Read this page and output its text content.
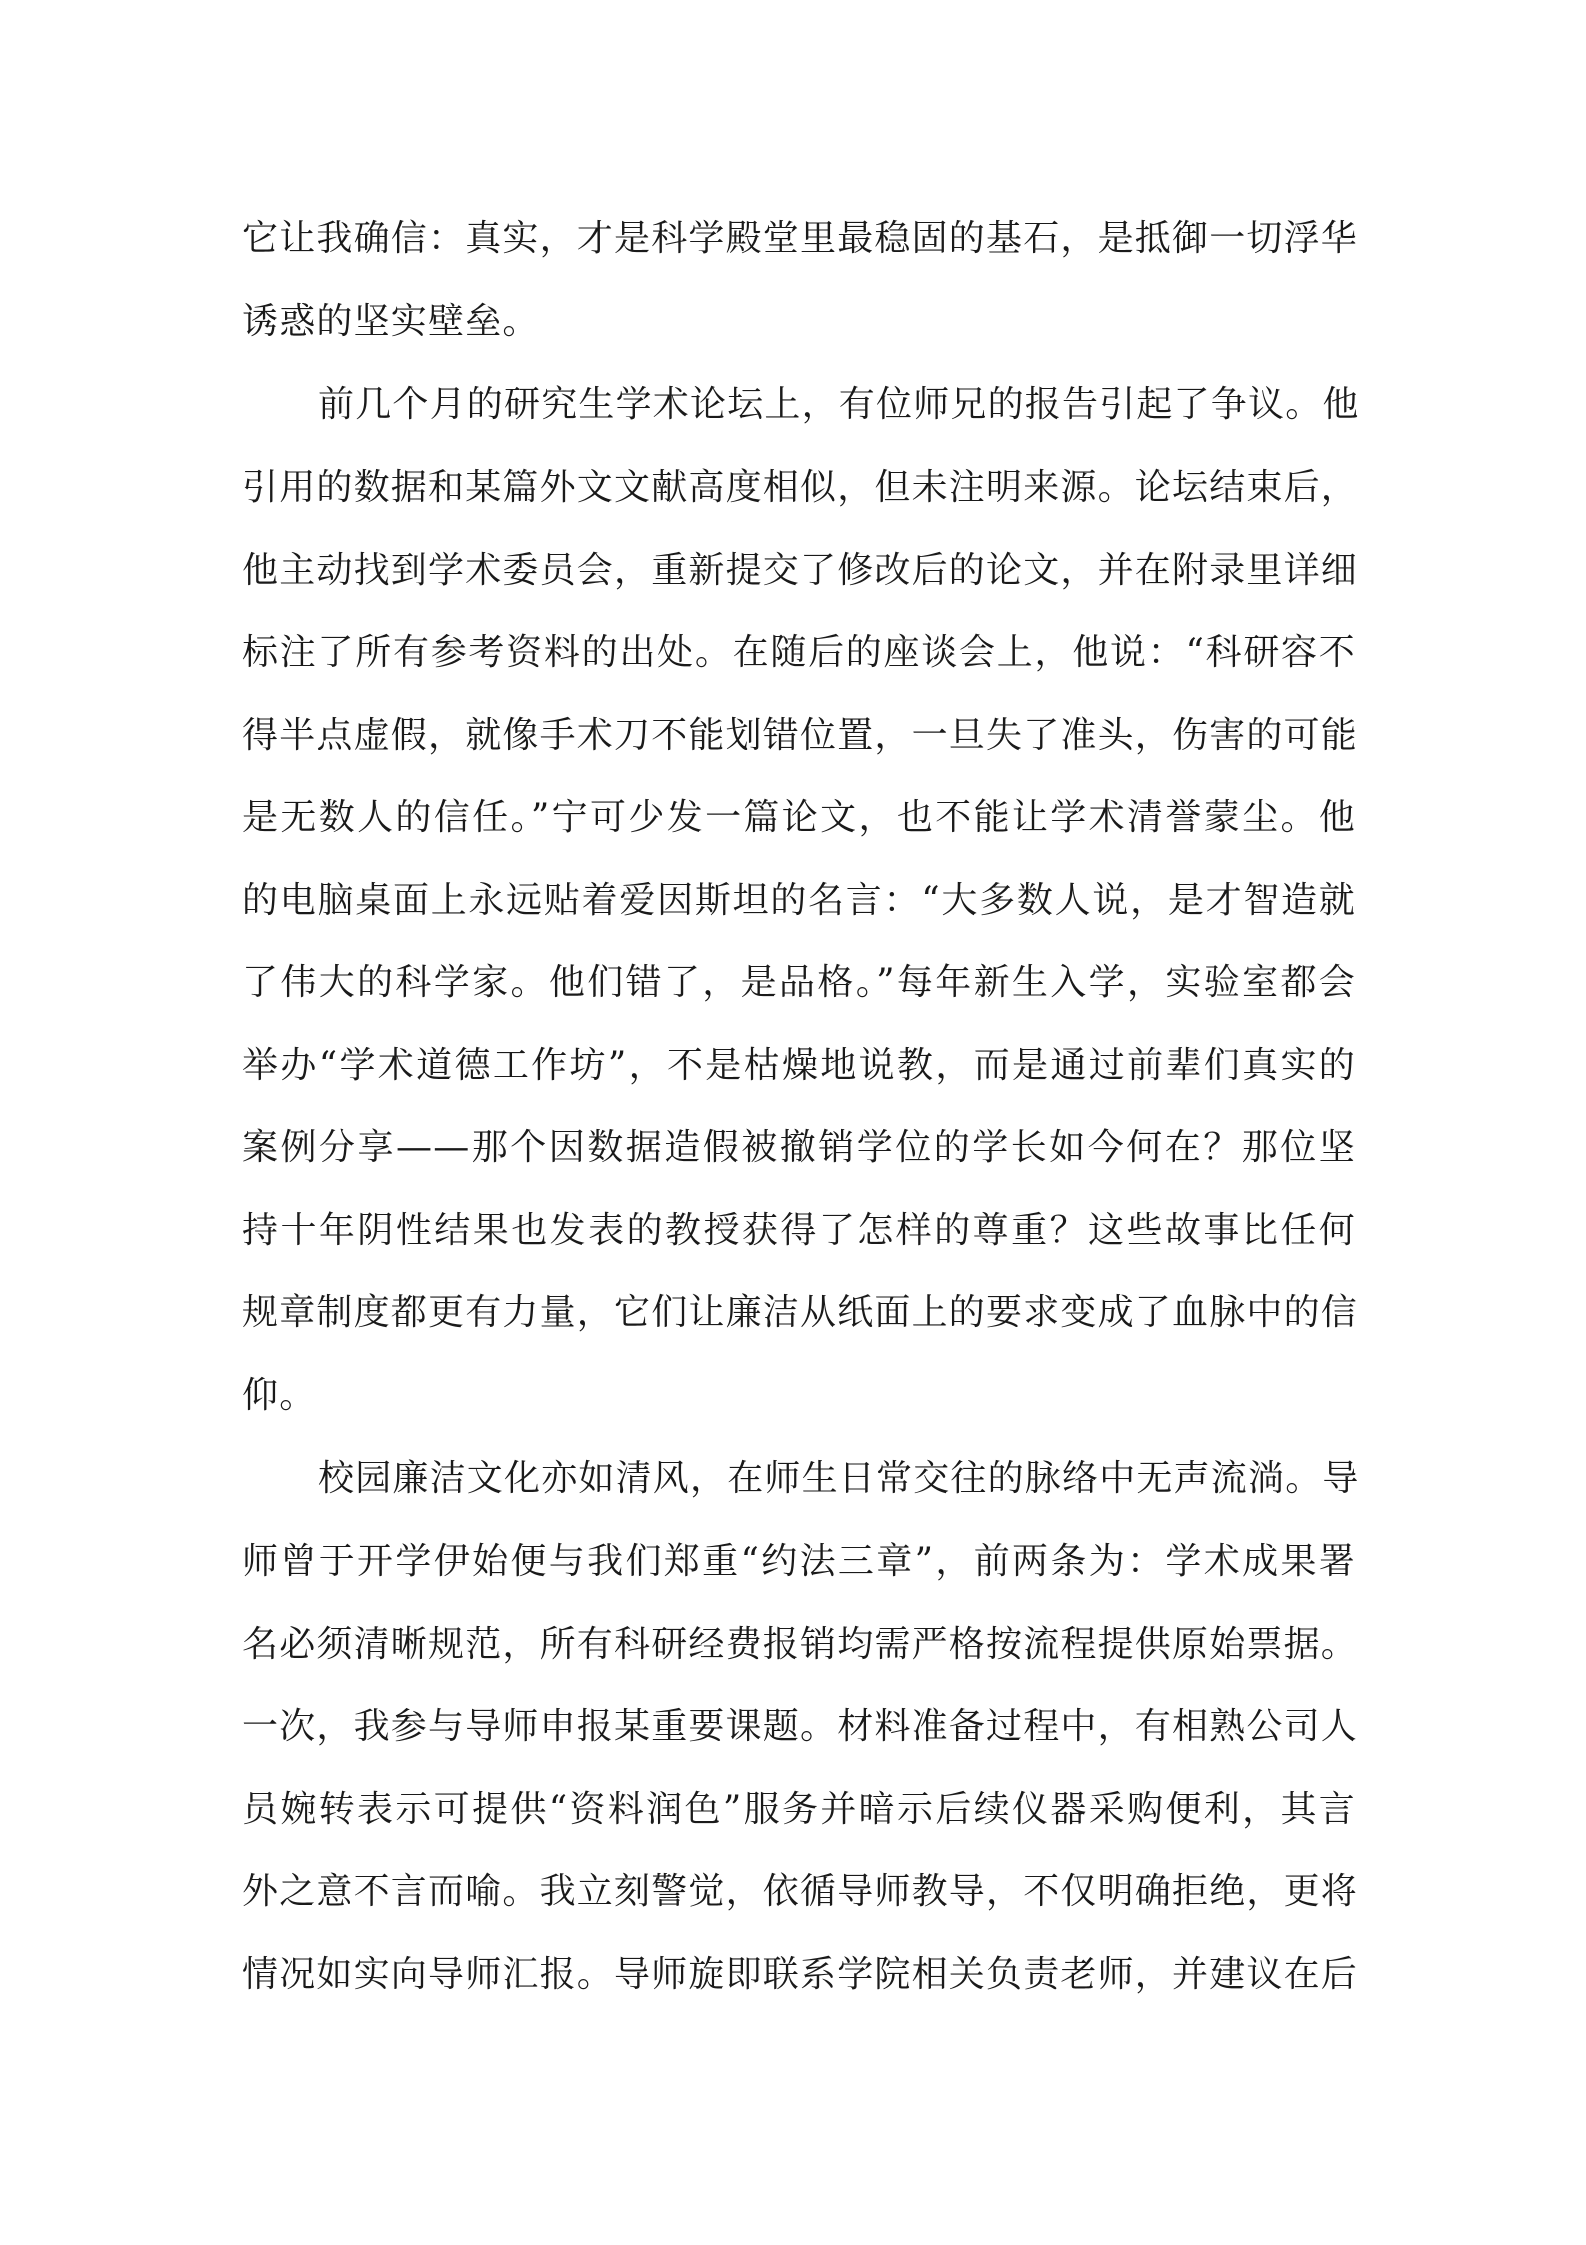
它让我确信：真实，才是科学殿堂里最稳固的基石，是抵御一切浮华
诱惑的坚实壁垒。
前几个月的研究生学术论坛上，有位师兄的报告引起了争议。他
引用的数据和某篇外文文献高度相似，但未注明来源。论坛结束后，
他主动找到学术委员会，重新提交了修改后的论文，并在附录里详细
标注了所有参考资料的出处。在随后的座谈会上，他说：“科研容不
得半点虚假，就像手术刀不能划错位置，一旦失了准头，伤害的可能
是无数人的信任。”宁可少发一篇论文，也不能让学术清誉蒙尘。他
的电脑桌面上永远贴着爱因斯坦的名言：“大多数人说，是才智造就
了伟大的科学家。他们错了，是品格。”每年新生入学，实验室都会
举办“学术道德工作坊”，不是枯燥地说教，而是通过前辈们真实的
案例分享——那个因数据造假被撤销学位的学长如今何在？那位坚
持十年阴性结果也发表的教授获得了怎样的尊重？这些故事比任何
规章制度都更有力量，它们让廉洁从纸面上的要求变成了血脉中的信
仰。
校园廉洁文化亦如清风，在师生日常交往的脉络中无声流淌。导
师曾于开学伊始便与我们郑重“约法三章”，前两条为：学术成果署
名必须清晰规范，所有科研经费报销均需严格按流程提供原始票据。
一次，我参与导师申报某重要课题。材料准备过程中，有相熟公司人
员婉转表示可提供“资料润色”服务并暗示后续仪器采购便利，其言
外之意不言而喻。我立刻警觉，依循导师教导，不仅明确拒绝，更将
情况如实向导师汇报。导师旋即联系学院相关负责老师，并建议在后
